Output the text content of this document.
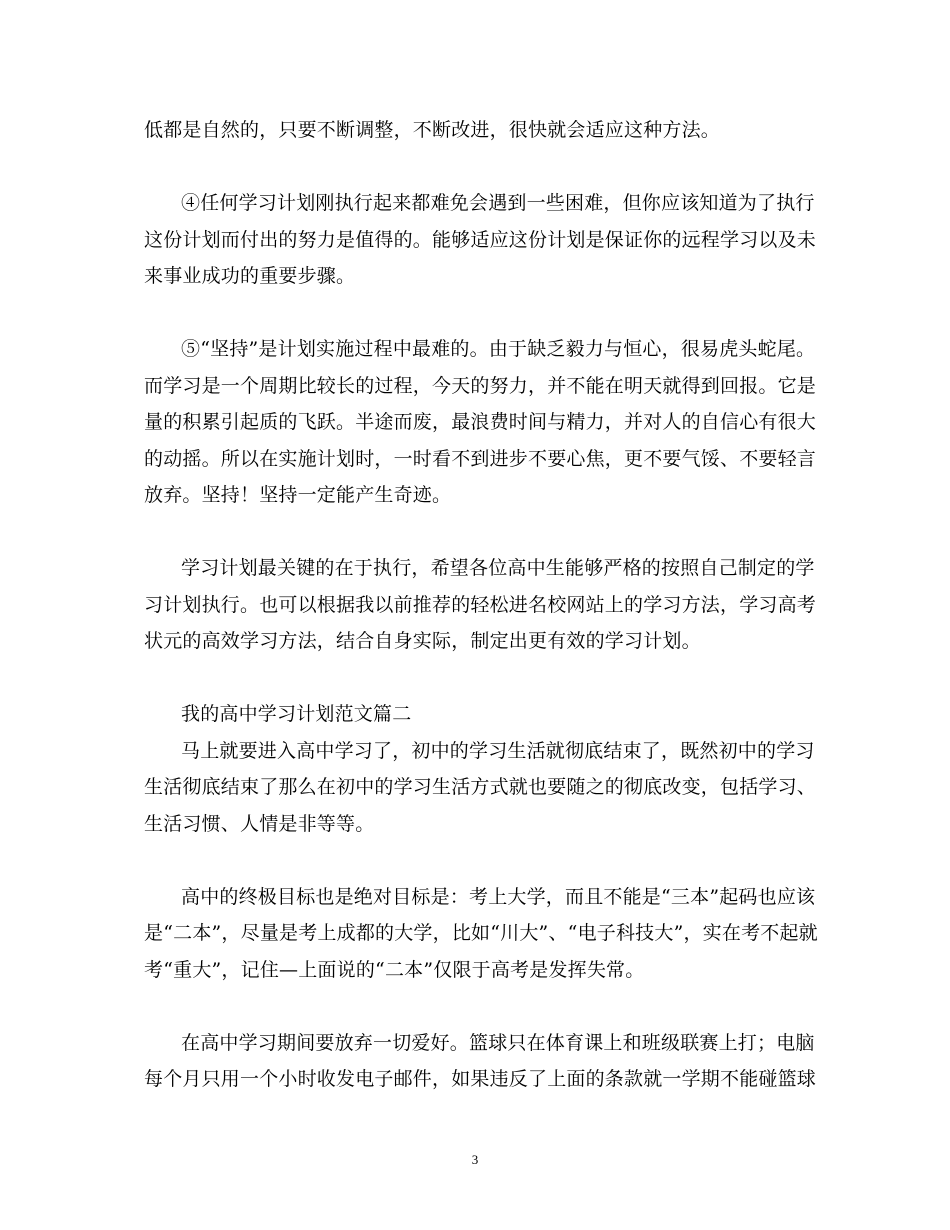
低都是自然的，只要不断调整，不断改进，很快就会适应这种方法。
④任何学习计划刚执行起来都难免会遇到一些困难，但你应该知道为了执行
这份计划而付出的努力是值得的。能够适应这份计划是保证你的远程学习以及未
来事业成功的重要步骤。
⑤“坚持”是计划实施过程中最难的。由于缺乏毅力与恒心，很易虎头蛇尾。
而学习是一个周期比较长的过程，今天的努力，并不能在明天就得到回报。它是
量的积累引起质的飞跃。半途而废，最浪费时间与精力，并对人的自信心有很大
的动摇。所以在实施计划时，一时看不到进步不要心焦，更不要气馁、不要轻言
放弃。坚持！坚持一定能产生奇迹。
学习计划最关键的在于执行，希望各位高中生能够严格的按照自己制定的学
习计划执行。也可以根据我以前推荐的轻松进名校网站上的学习方法，学习高考
状元的高效学习方法，结合自身实际，制定出更有效的学习计划。
我的高中学习计划范文篇二
马上就要进入高中学习了，初中的学习生活就彻底结束了，既然初中的学习
生活彻底结束了那么在初中的学习生活方式就也要随之的彻底改变，包括学习、
生活习惯、人情是非等等。
高中的终极目标也是绝对目标是：考上大学，而且不能是“三本”起码也应该
是“二本”，尽量是考上成都的大学，比如“川大”、“电子科技大”，实在考不起就
考“重大”，记住—上面说的“二本”仅限于高考是发挥失常。
在高中学习期间要放弃一切爱好。篮球只在体育课上和班级联赛上打；电脑
每个月只用一个小时收发电子邮件，如果违反了上面的条款就一学期不能碰篮球
3
